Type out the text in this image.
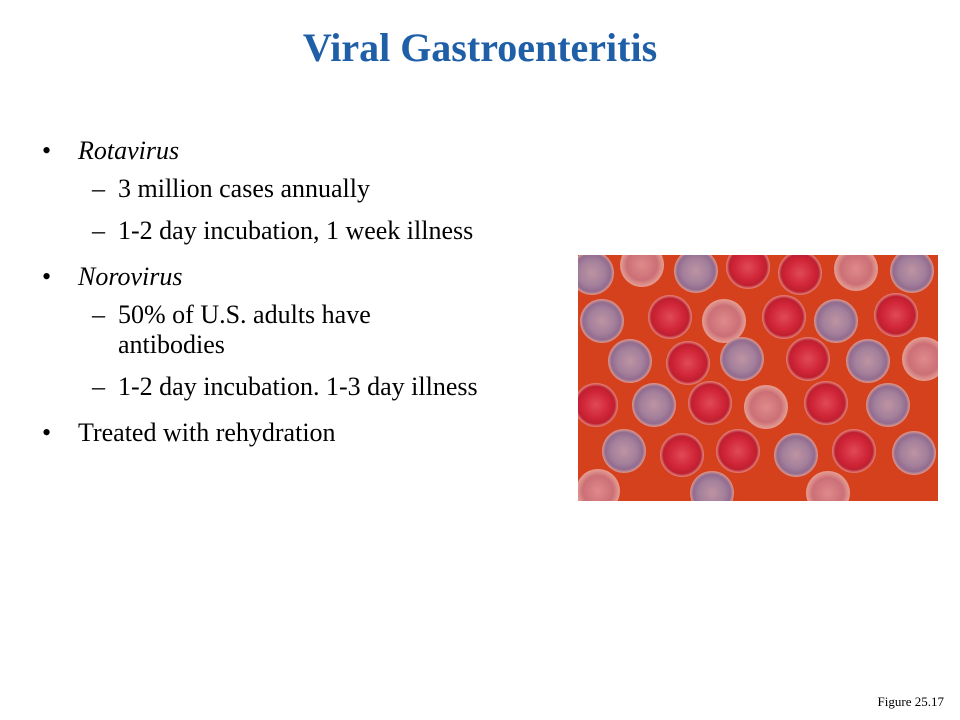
Viral Gastroenteritis
•	Rotavirus
– 3 million cases annually
– 1-2 day incubation, 1 week illness
•	Norovirus
– 50% of U.S. adults have antibodies
– 1-2 day incubation. 1-3 day illness
•	Treated with rehydration
Figure 25.17
